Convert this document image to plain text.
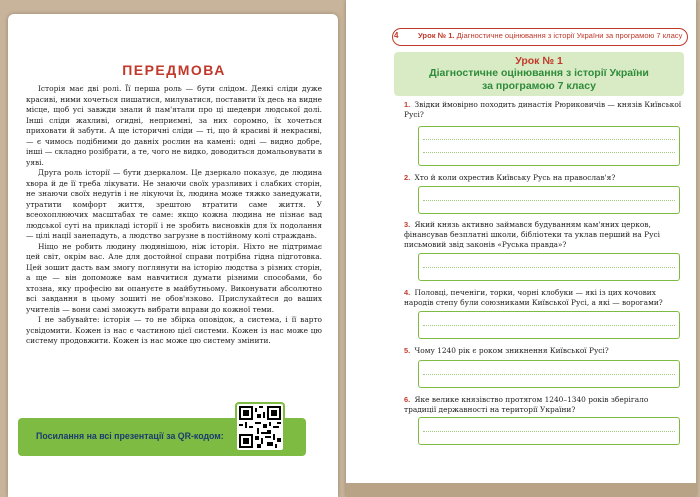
ПЕРЕДМОВА

Історія має дві ролі. Її перша роль — бути слідом. Деякі сліди дуже красиві, ними хочеться пишатися, милуватися, поставити їх десь на видне місце, щоб усі завжди знали й пам'ятали про ці шедеври людської долі. Інші сліди жахливі, огидні, неприємні, за них соромно, їх хочеться приховати й забути. А ще історичні сліди — ті, що й красиві й некрасиві, — є чимось подібними до давніх рослин на камені: одні — видно добре, інші — складно розібрати, а те, чого не видко, доводиться домальовувати в уяві.

Друга роль історії — бути дзеркалом. Це дзеркало показує, де людина хвора й де її треба лікувати. Не знаючи своїх уразливих і слабких сторін, не знаючи своїх недугів і не лікуючи їх, людина може тяжко занедужати, утратити комфорт життя, зрештою втратити саме життя. У всеохоплюючих масштабах те саме: якщо кожна людина не пізнає вад людської суті на прикладі історії і не зробить висновків для їх подолання — цілі нації занепадуть, а людство загрузне в постійному колі страждань.

Ніщо не робить людину людянішою, ніж історія. Ніхто не підтримає цей світ, окрім вас. Але для достойної справи потрібна гідна підготовка. Цей зошит дасть вам змогу поглянути на історію людства з різних сторін, а ще — він допоможе вам навчитися думати різними способами, бо хтозна, яку професію ви опануєте в майбутньому. Виконувати абсолютно всі завдання в цьому зошиті не обов'язково. Прислухайтеся до ваших учителів — вони самі зможуть вибрати вправи до кожної теми.

І не забувайте: історія — то не збірка оповідок, а система, і її варто усвідомити. Кожен із нас є частиною цієї системи. Кожен із нас може цю систему продовжити. Кожен із нас може цю систему змінити.

Посилання на всі презентації за QR-кодом:
4	Урок № 1. Діагностичне оцінювання з історії України за програмою 7 класу
Урок № 1
Діагностичне оцінювання з історії України
за програмою 7 класу
1. Звідки ймовірно походить династія Рюриковичів — князів Київської Русі?
2. Хто й коли охрестив Київську Русь на православ'я?
3. Який князь активно займався будуванням кам'яних церков, фінансував безплатні школи, бібліотеки та уклав перший на Русі письмовий звід законів «Руська правда»?
4. Половці, печеніги, торки, чорні клобуки — які із цих кочових народів степу були союзниками Київської Русі, а які — ворогами?
5. Чому 1240 рік є роком зникнення Київської Русі?
6. Яке велике князівство протягом 1240–1340 років зберігало традиції державності на території України?
